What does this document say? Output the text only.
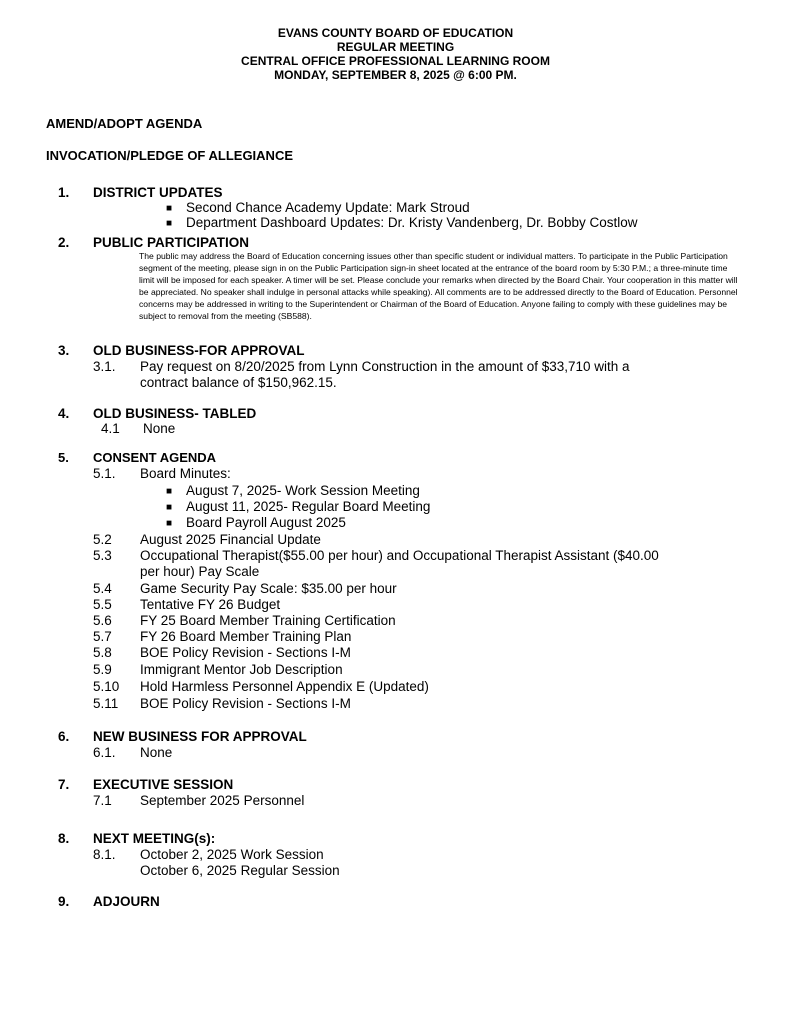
EVANS COUNTY BOARD OF EDUCATION
REGULAR MEETING
CENTRAL OFFICE PROFESSIONAL LEARNING ROOM
MONDAY, SEPTEMBER 8, 2025 @ 6:00 PM.
AMEND/ADOPT AGENDA
INVOCATION/PLEDGE OF ALLEGIANCE
1. DISTRICT UPDATES
■ Second Chance Academy Update: Mark Stroud
■ Department Dashboard Updates: Dr. Kristy Vandenberg, Dr. Bobby Costlow
2. PUBLIC PARTICIPATION
The public may address the Board of Education concerning issues other than specific student or individual matters. To participate in the Public Participation segment of the meeting, please sign in on the Public Participation sign-in sheet located at the entrance of the board room by 5:30 P.M.; a three-minute time limit will be imposed for each speaker. A timer will be set. Please conclude your remarks when directed by the Board Chair. Your cooperation in this matter will be appreciated. No speaker shall indulge in personal attacks while speaking). All comments are to be addressed directly to the Board of Education. Personnel concerns may be addressed in writing to the Superintendent or Chairman of the Board of Education. Anyone failing to comply with these guidelines may be subject to removal from the meeting (SB588).
3. OLD BUSINESS-FOR APPROVAL
3.1. Pay request on 8/20/2025 from Lynn Construction in the amount of $33,710 with a
contract balance of $150,962.15.
4. OLD BUSINESS- TABLED
4.1 None
5. CONSENT AGENDA
5.1. Board Minutes:
■ August 7, 2025- Work Session Meeting
■ August 11, 2025- Regular Board Meeting
■ Board Payroll August 2025
5.2 August 2025 Financial Update
5.3 Occupational Therapist($55.00 per hour) and Occupational Therapist Assistant ($40.00
per hour) Pay Scale
5.4 Game Security Pay Scale: $35.00 per hour
5.5 Tentative FY 26 Budget
5.6 FY 25 Board Member Training Certification
5.7 FY 26 Board Member Training Plan
5.8 BOE Policy Revision - Sections I-M
5.9 Immigrant Mentor Job Description
5.10 Hold Harmless Personnel Appendix E (Updated)
5.11 BOE Policy Revision - Sections I-M
6. NEW BUSINESS FOR APPROVAL
6.1. None
7. EXECUTIVE SESSION
7.1 September 2025 Personnel
8. NEXT MEETING(s):
8.1. October 2, 2025 Work Session
October 6, 2025 Regular Session
9. ADJOURN
